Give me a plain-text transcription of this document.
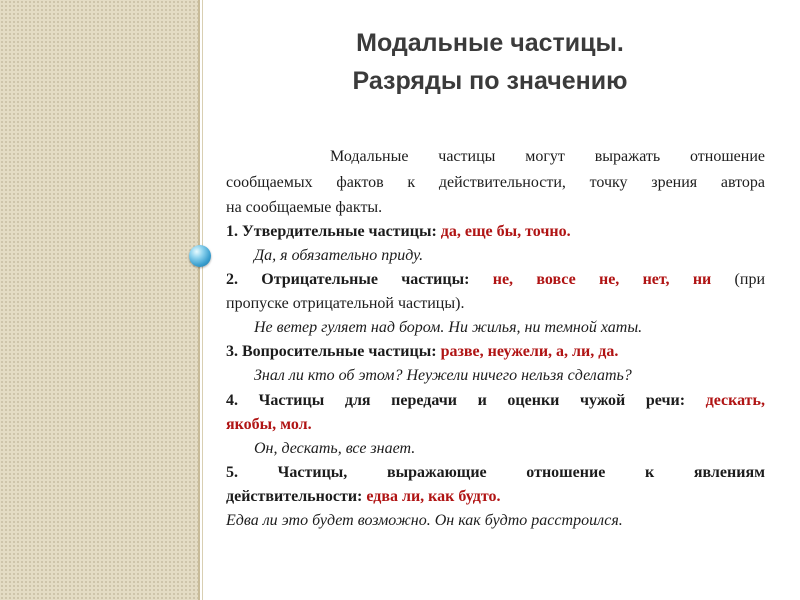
Модальные частицы.
Разряды по значению
Модальные частицы могут выражать отношение
сообщаемых фактов к действительности, точку зрения автора
на сообщаемые факты.
1. Утвердительные частицы: да, еще бы, точно.
Да, я обязательно приду.
2. Отрицательные частицы: не, вовсе не, нет, ни (при
пропуске отрицательной частицы).
Не ветер гуляет над бором. Ни жилья, ни темной хаты.
3. Вопросительные частицы: разве, неужели, а, ли, да.
Знал ли кто об этом? Неужели ничего нельзя сделать?
4. Частицы для передачи и оценки чужой речи: дескать,
якобы, мол.
Он, дескать, все знает.
5. Частицы, выражающие отношение к явлениям
действительности: едва ли, как будто.
Едва ли это будет возможно. Он как будто расстроился.
